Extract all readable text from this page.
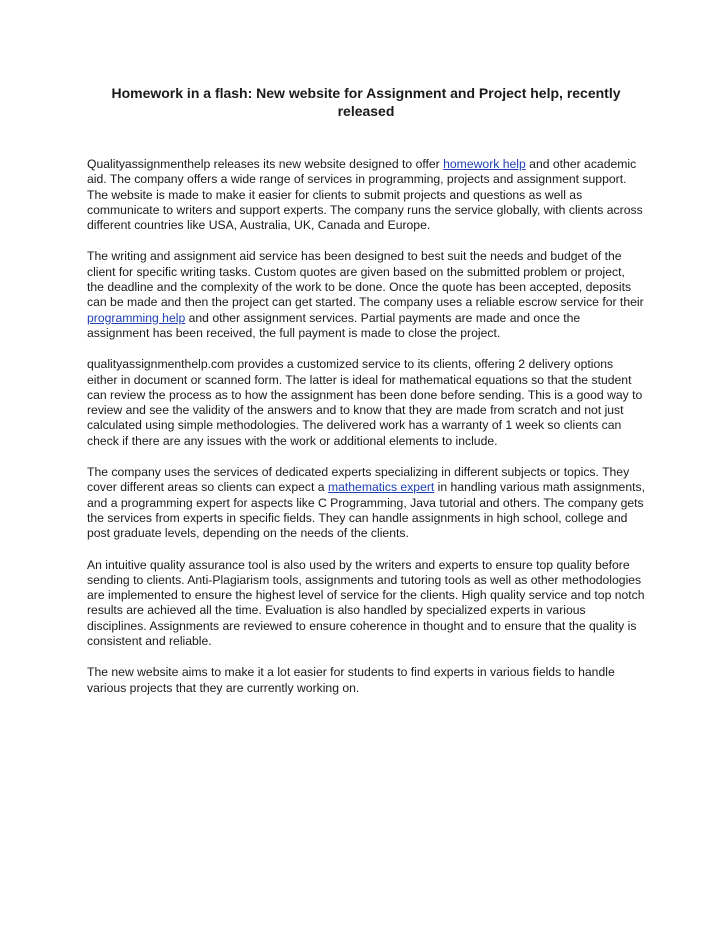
Homework in a flash: New website for Assignment and Project help, recently released

Qualityassignmenthelp releases its new website designed to offer homework help and other academic aid. The company offers a wide range of services in programming, projects and assignment support. The website is made to make it easier for clients to submit projects and questions as well as communicate to writers and support experts. The company runs the service globally, with clients across different countries like USA, Australia, UK, Canada and Europe.

The writing and assignment aid service has been designed to best suit the needs and budget of the client for specific writing tasks. Custom quotes are given based on the submitted problem or project, the deadline and the complexity of the work to be done. Once the quote has been accepted, deposits can be made and then the project can get started. The company uses a reliable escrow service for their programming help and other assignment services. Partial payments are made and once the assignment has been received, the full payment is made to close the project.

qualityassignmenthelp.com provides a customized service to its clients, offering 2 delivery options either in document or scanned form. The latter is ideal for mathematical equations so that the student can review the process as to how the assignment has been done before sending. This is a good way to review and see the validity of the answers and to know that they are made from scratch and not just calculated using simple methodologies. The delivered work has a warranty of 1 week so clients can check if there are any issues with the work or additional elements to include.

The company uses the services of dedicated experts specializing in different subjects or topics. They cover different areas so clients can expect a mathematics expert in handling various math assignments, and a programming expert for aspects like C Programming, Java tutorial and others. The company gets the services from experts in specific fields. They can handle assignments in high school, college and post graduate levels, depending on the needs of the clients.

An intuitive quality assurance tool is also used by the writers and experts to ensure top quality before sending to clients. Anti-Plagiarism tools, assignments and tutoring tools as well as other methodologies are implemented to ensure the highest level of service for the clients. High quality service and top notch results are achieved all the time. Evaluation is also handled by specialized experts in various disciplines. Assignments are reviewed to ensure coherence in thought and to ensure that the quality is consistent and reliable.

The new website aims to make it a lot easier for students to find experts in various fields to handle various projects that they are currently working on.
